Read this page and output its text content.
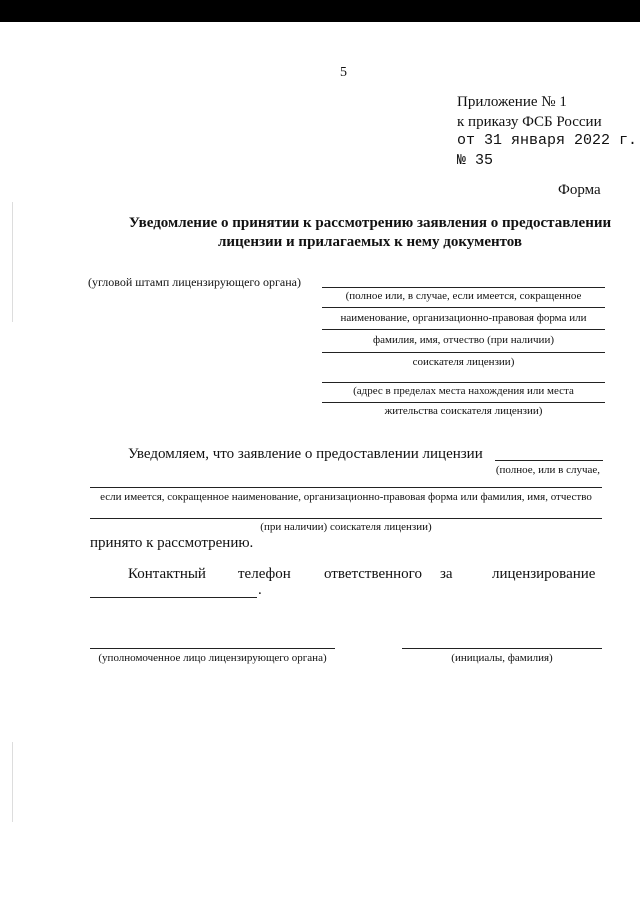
5
Приложение № 1
к приказу ФСБ России
от 31 января 2022 г.
№ 35
Форма
Уведомление о принятии к рассмотрению заявления о предоставлении
лицензии и прилагаемых к нему документов
(угловой штамп лицензирующего органа)
(полное или, в случае, если имеется, сокращенное
наименование, организационно-правовая форма или
фамилия, имя, отчество (при наличии)
соискателя лицензии)
(адрес в пределах места нахождения или места
жительства соискателя лицензии)
Уведомляем, что заявление о предоставлении лицензии
(полное, или в случае,
если имеется, сокращенное наименование, организационно-правовая форма или фамилия, имя, отчество
(при наличии) соискателя лицензии)
принято к рассмотрению.
Контактный телефон ответственного за	лицензирование
.
(уполномоченное лицо лицензирующего органа)	(инициалы, фамилия)
